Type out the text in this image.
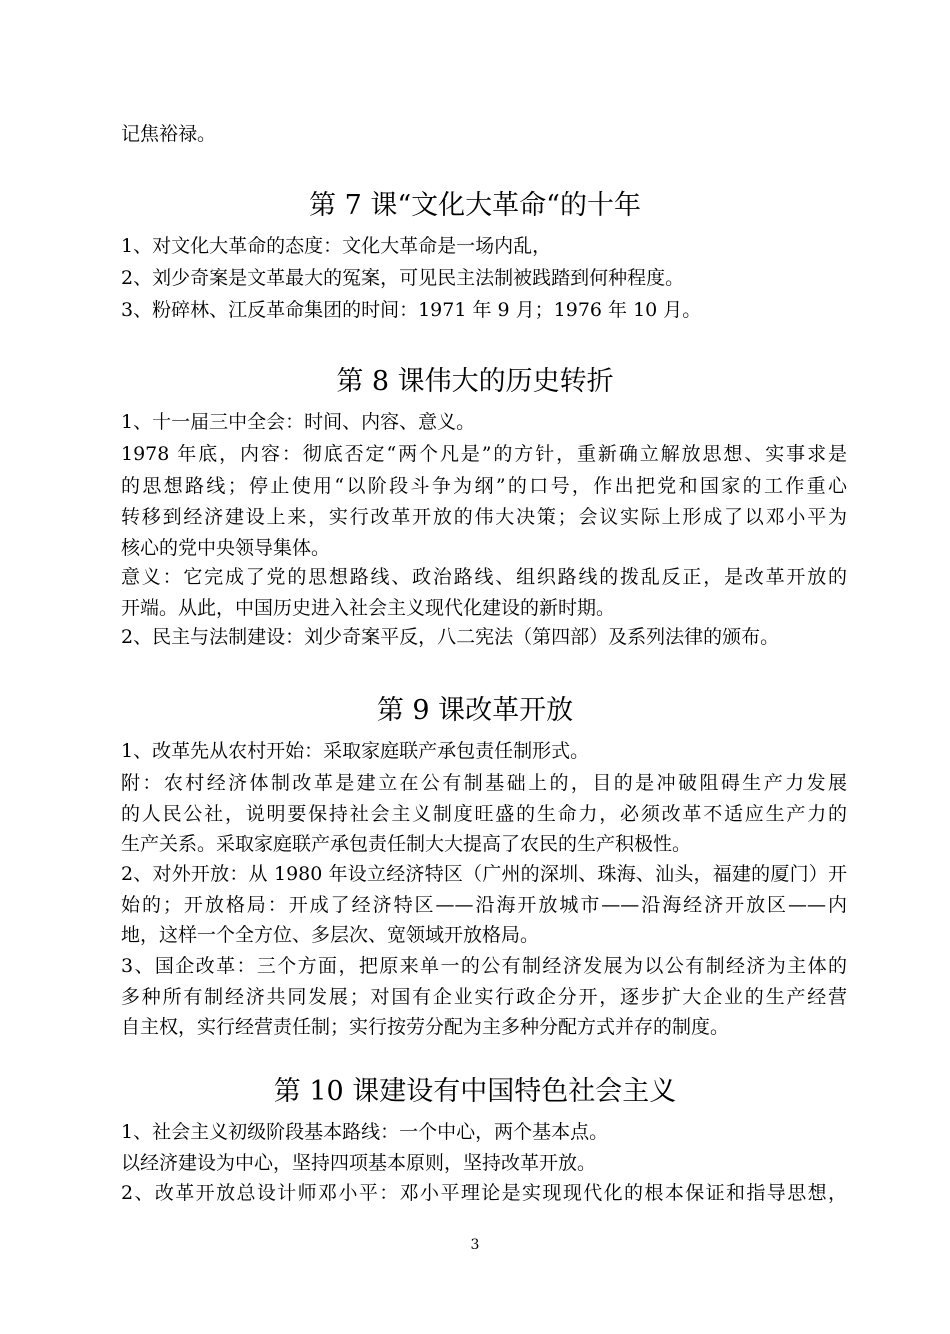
记焦裕禄。
第 7 课“文化大革命“的十年
1、对文化大革命的态度：文化大革命是一场内乱，
2、刘少奇案是文革最大的冤案，可见民主法制被践踏到何种程度。
3、粉碎林、江反革命集团的时间：1971 年 9 月；1976 年 10 月。
第 8 课伟大的历史转折
1、十一届三中全会：时间、内容、意义。
1978 年底，内容：彻底否定“两个凡是”的方针，重新确立解放思想、实事求是
的思想路线；停止使用“以阶段斗争为纲”的口号，作出把党和国家的工作重心
转移到经济建设上来，实行改革开放的伟大决策；会议实际上形成了以邓小平为
核心的党中央领导集体。
意义：它完成了党的思想路线、政治路线、组织路线的拨乱反正，是改革开放的
开端。从此，中国历史进入社会主义现代化建设的新时期。
2、民主与法制建设：刘少奇案平反，八二宪法（第四部）及系列法律的颁布。
第 9 课改革开放
1、改革先从农村开始：采取家庭联产承包责任制形式。
附：农村经济体制改革是建立在公有制基础上的，目的是冲破阻碍生产力发展
的人民公社，说明要保持社会主义制度旺盛的生命力，必须改革不适应生产力的
生产关系。采取家庭联产承包责任制大大提高了农民的生产积极性。
2、对外开放：从 1980 年设立经济特区（广州的深圳、珠海、汕头，福建的厦门）开
始的；开放格局：开成了经济特区——沿海开放城市——沿海经济开放区——内
地，这样一个全方位、多层次、宽领域开放格局。
3、国企改革：三个方面，把原来单一的公有制经济发展为以公有制经济为主体的
多种所有制经济共同发展；对国有企业实行政企分开，逐步扩大企业的生产经营
自主权，实行经营责任制；实行按劳分配为主多种分配方式并存的制度。
第 10 课建设有中国特色社会主义
1、社会主义初级阶段基本路线：一个中心，两个基本点。
以经济建设为中心，坚持四项基本原则，坚持改革开放。
2、改革开放总设计师邓小平：邓小平理论是实现现代化的根本保证和指导思想，
3
